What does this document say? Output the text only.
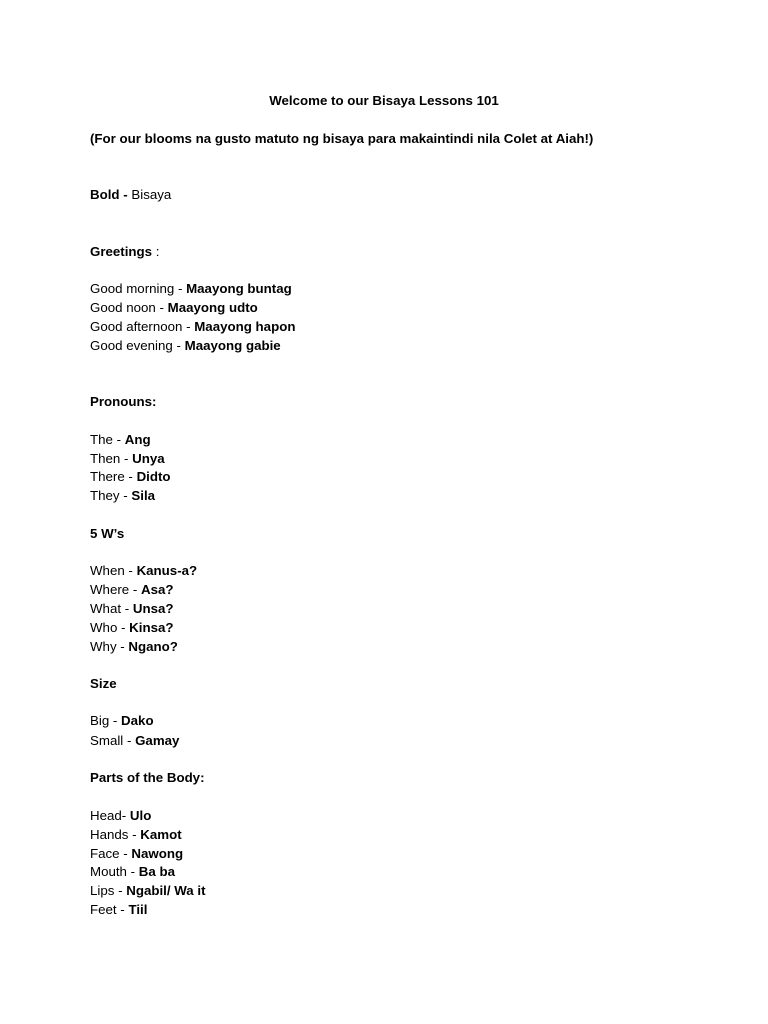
Welcome to our Bisaya Lessons 101
(For our blooms na gusto matuto ng bisaya para makaintindi nila Colet at Aiah!)
Bold - Bisaya
Greetings :
Good morning - Maayong buntag
Good noon - Maayong udto
Good afternoon - Maayong hapon
Good evening - Maayong gabie
Pronouns:
The - Ang
Then - Unya
There - Didto
They - Sila
5 W’s
When - Kanus-a?
Where - Asa?
What - Unsa?
Who - Kinsa?
Why - Ngano?
Size
Big - Dako
Small - Gamay
Parts of the Body:
Head- Ulo
Hands - Kamot
Face - Nawong
Mouth - Ba ba
Lips - Ngabil/ Wa it
Feet - Tiil
